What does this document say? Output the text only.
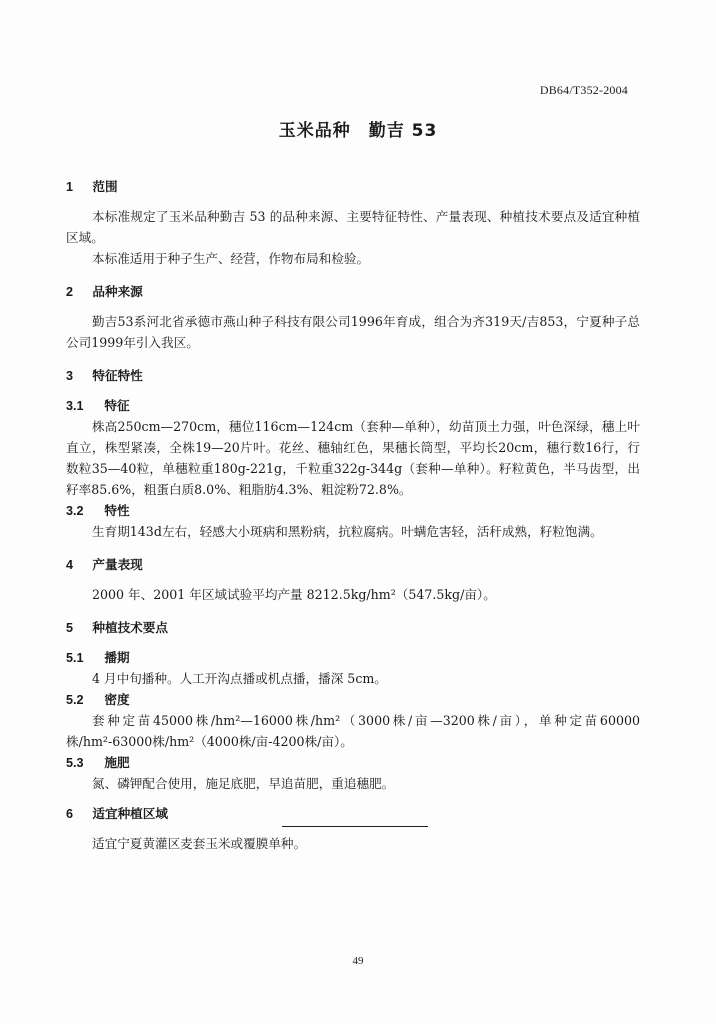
DB64/T352-2004
玉米品种　勤吉 53
1 范围

本标准规定了玉米品种勤吉 53 的品种来源、主要特征特性、产量表现、种植技术要点及适宜种植区域。

本标准适用于种子生产、经营，作物布局和检验。

2 品种来源

勤吉53系河北省承德市燕山种子科技有限公司1996年育成，组合为齐319天/吉853，宁夏种子总公司1999年引入我区。

3 特征特性
3.1 特征

株高250cm—270cm，穗位116cm—124cm（套种—单种），幼苗顶土力强，叶色深绿，穗上叶直立，株型紧凑，全株19—20片叶。花丝、穗轴红色，果穗长筒型，平均长20cm，穗行数16行，行数粒35—40粒，单穗粒重180g-221g，千粒重322g-344g（套种—单种）。籽粒黄色，半马齿型，出籽率85.6%，粗蛋白质8.0%、粗脂肪4.3%、粗淀粉72.8%。

3.2 特性

生育期143d左右，轻感大小斑病和黑粉病，抗粒腐病。叶螨危害轻，活秆成熟，籽粒饱满。

4 产量表现

2000 年、2001 年区域试验平均产量 8212.5kg/hm²（547.5kg/亩）。

5 种植技术要点
5.1 播期

4 月中旬播种。人工开沟点播或机点播，播深 5cm。

5.2 密度

套种定苗45000株/hm²—16000株/hm²（3000株/亩—3200株/亩），单种定苗60000株/hm²-63000株/hm²（4000株/亩-4200株/亩）。

5.3 施肥

氮、磷钾配合使用，施足底肥，早追苗肥，重追穗肥。

6 适宜种植区域

适宜宁夏黄灌区麦套玉米或覆膜单种。

49
